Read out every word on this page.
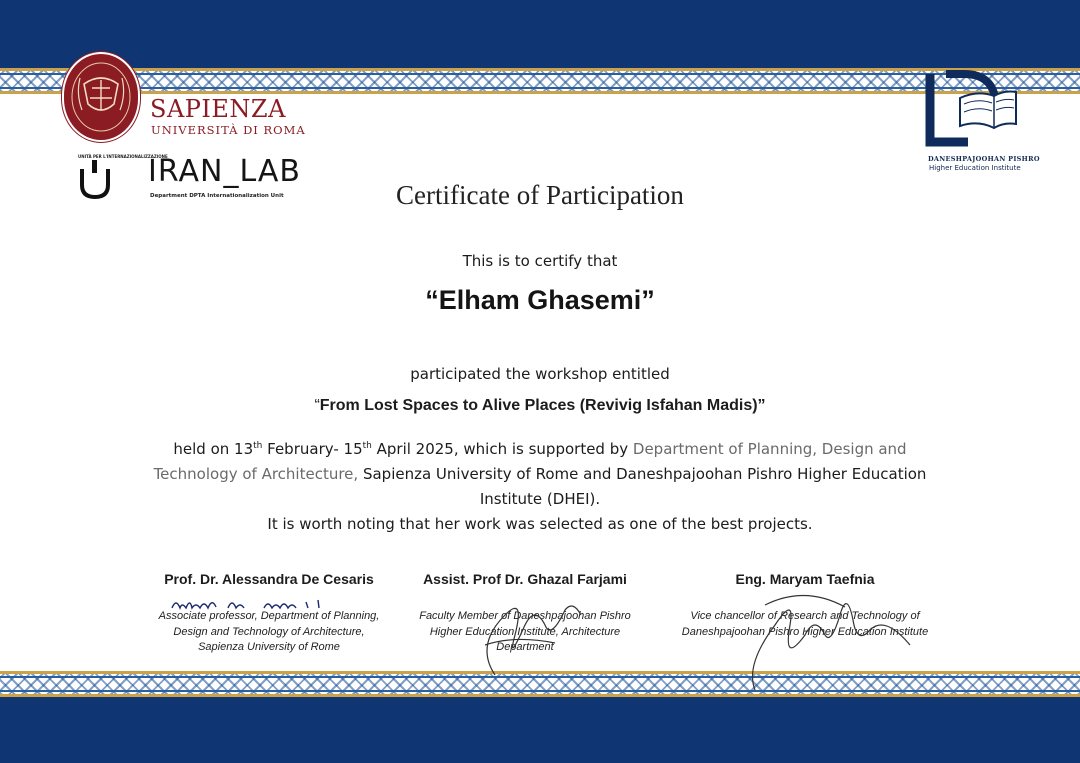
SAPIENZA
UNIVERSITÀ DI ROMA
UNITÀ PER L'INTERNAZIONALIZZAZIONE
IRAN_LAB
Department DPTA Internationalization Unit
DANESHPAJOOHAN PISHRO
Higher Education Institute
Certificate of Participation
This is to certify that
“Elham Ghasemi”
participated the workshop entitled
“From Lost Spaces to Alive Places (Revivig Isfahan Madis)”
held on 13th February- 15th April 2025, which is supported by Department of Planning, Design and Technology of Architecture, Sapienza University of Rome and Daneshpajoohan Pishro Higher Education Institute (DHEI).
It is worth noting that her work was selected as one of the best projects.
Prof. Dr. Alessandra De Cesaris
Associate professor, Department of Planning,
Design and Technology of Architecture,
Sapienza University of Rome
Assist. Prof Dr. Ghazal Farjami
Faculty Member of Daneshpajoohan Pishro
Higher Education Institute, Architecture
Department
Eng. Maryam Taefnia
Vice chancellor of Research and Technology of
Daneshpajoohan Pishro Higher Education Institute
